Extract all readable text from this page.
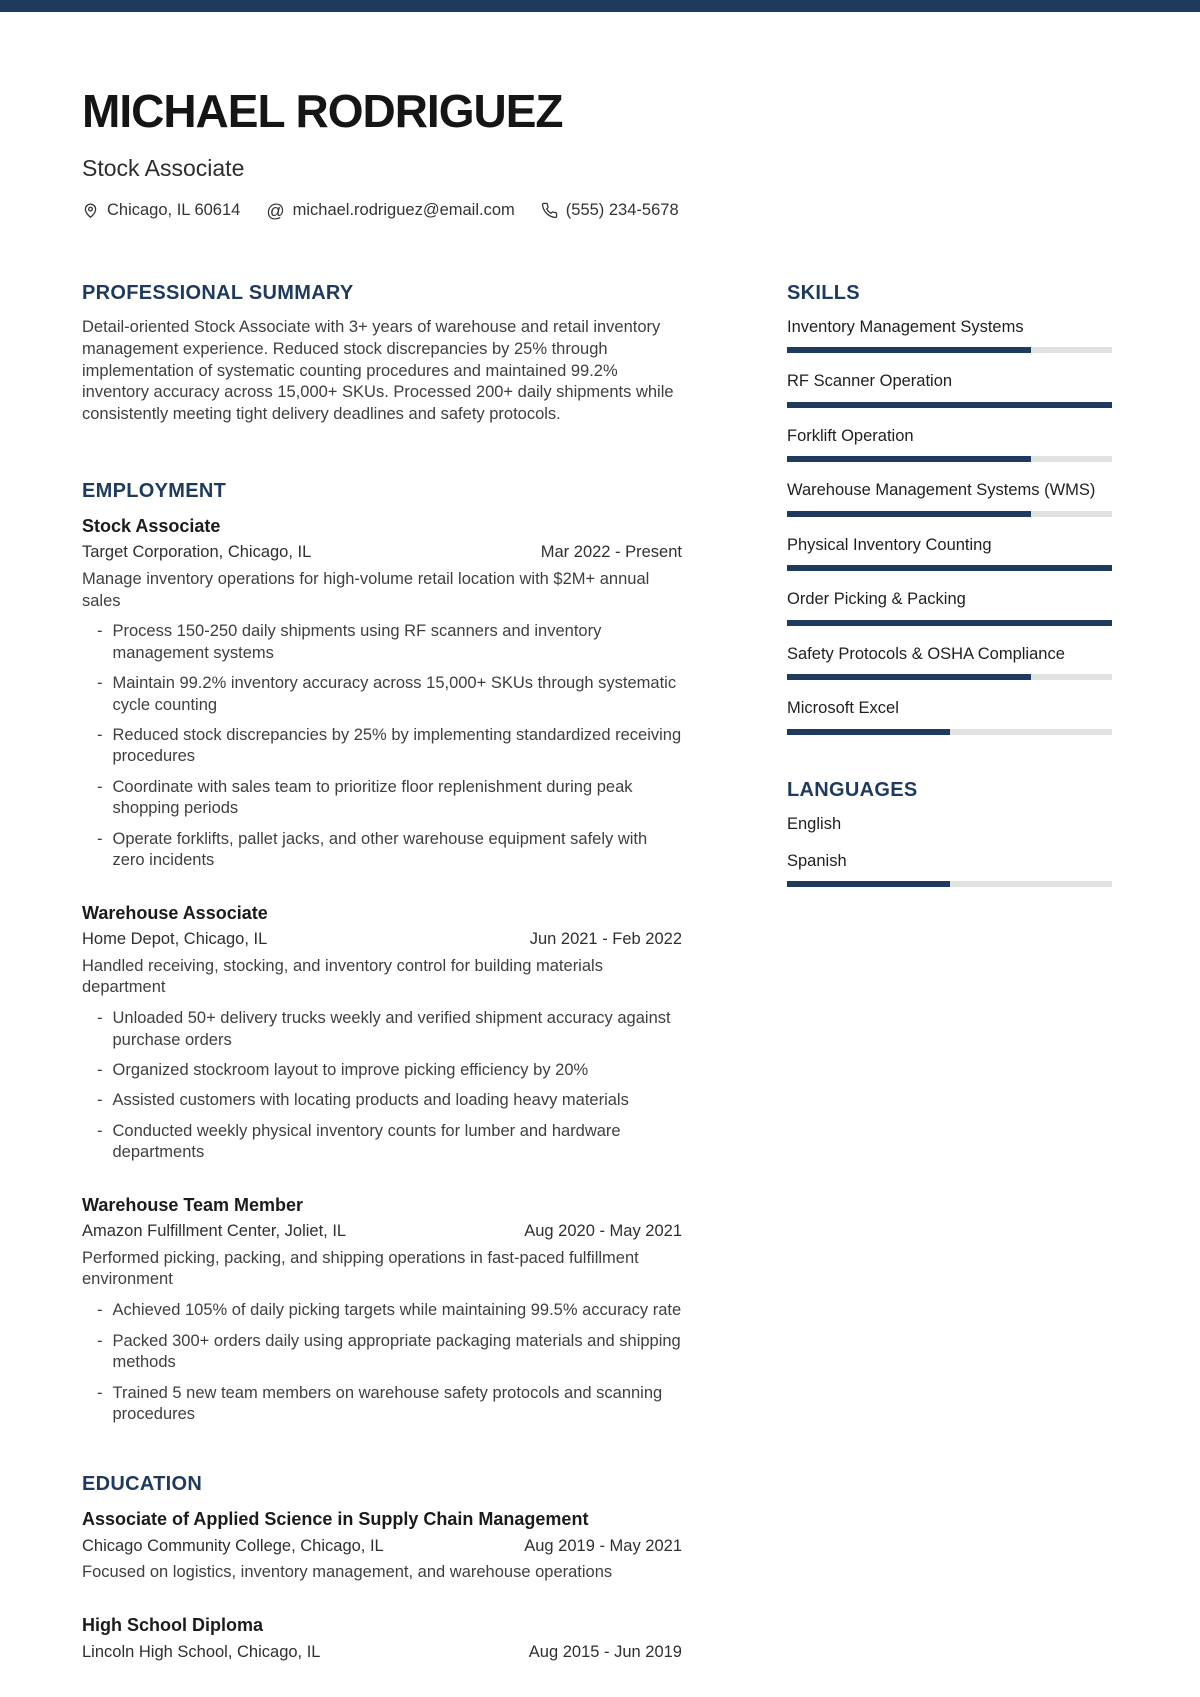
MICHAEL RODRIGUEZ
Stock Associate
Chicago, IL 60614 @ michael.rodriguez@email.com	(555) 234-5678
PROFESSIONAL SUMMARY
Detail-oriented Stock Associate with 3+ years of warehouse and retail inventory management experience. Reduced stock discrepancies by 25% through implementation of systematic counting procedures and maintained 99.2% inventory accuracy across 15,000+ SKUs. Processed 200+ daily shipments while consistently meeting tight delivery deadlines and safety protocols.
EMPLOYMENT
Stock Associate
Target Corporation, Chicago, IL	Mar 2022 - Present
Manage inventory operations for high-volume retail location with $2M+ annual sales
- Process 150-250 daily shipments using RF scanners and inventory management systems
- Maintain 99.2% inventory accuracy across 15,000+ SKUs through systematic cycle counting
- Reduced stock discrepancies by 25% by implementing standardized receiving procedures
- Coordinate with sales team to prioritize floor replenishment during peak shopping periods
- Operate forklifts, pallet jacks, and other warehouse equipment safely with zero incidents
Warehouse Associate
Home Depot, Chicago, IL	Jun 2021 - Feb 2022
Handled receiving, stocking, and inventory control for building materials department
- Unloaded 50+ delivery trucks weekly and verified shipment accuracy against purchase orders
- Organized stockroom layout to improve picking efficiency by 20%
- Assisted customers with locating products and loading heavy materials
- Conducted weekly physical inventory counts for lumber and hardware departments
Warehouse Team Member
Amazon Fulfillment Center, Joliet, IL	Aug 2020 - May 2021
Performed picking, packing, and shipping operations in fast-paced fulfillment environment
- Achieved 105% of daily picking targets while maintaining 99.5% accuracy rate
- Packed 300+ orders daily using appropriate packaging materials and shipping methods
- Trained 5 new team members on warehouse safety protocols and scanning procedures
EDUCATION
Associate of Applied Science in Supply Chain Management
Chicago Community College, Chicago, IL	Aug 2019 - May 2021
Focused on logistics, inventory management, and warehouse operations
High School Diploma
Lincoln High School, Chicago, IL	Aug 2015 - Jun 2019
SKILLS
Inventory Management Systems
RF Scanner Operation
Forklift Operation
Warehouse Management Systems (WMS)
Physical Inventory Counting
Order Picking & Packing
Safety Protocols & OSHA Compliance
Microsoft Excel
LANGUAGES
English
Spanish
